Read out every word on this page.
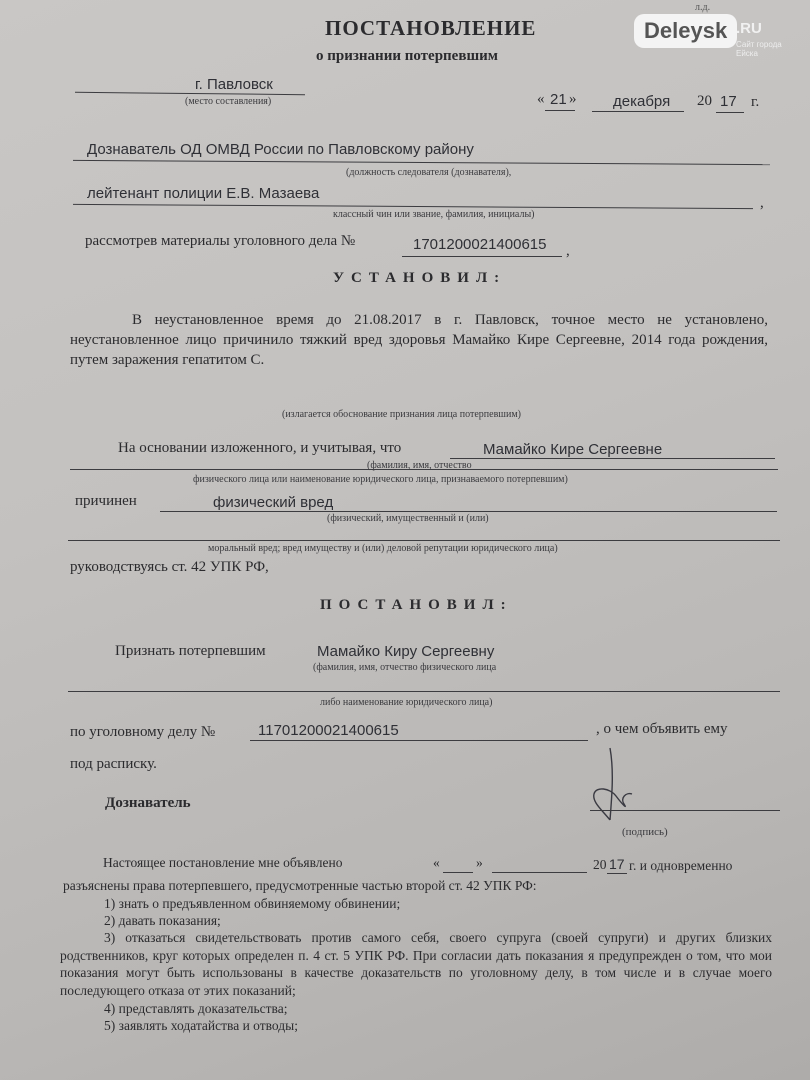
л.д.
Deleysk .RU
Сайт города Ейска
ПОСТАНОВЛЕНИЕ
о признании потерпевшим
г. Павловск
(место составления)	« 21 » декабря 20 17 г.
Дознаватель ОД ОМВД России по Павловскому району
(должность следователя (дознавателя),
лейтенант полиции Е.В. Мазаева
,
классный чин или звание, фамилия, инициалы)
рассмотрев материалы уголовного дела №	1701200021400615 ,
УСТАНОВИЛ:
В неустановленное время до 21.08.2017 в г. Павловск, точное место не установлено, неустановленное лицо причинило тяжкий вред здоровья Мамайко Кире Сергеевне, 2014 года рождения, путем заражения гепатитом С.
(излагается обоснование признания лица потерпевшим)
На основании изложенного, и учитывая, что	Мамайко Кире Сергеевне
(фамилия, имя, отчество
физического лица или наименование юридического лица, признаваемого потерпевшим)
причинен	физический вред
(физический, имущественный и (или)
моральный вред; вред имуществу и (или) деловой репутации юридического лица)
руководствуясь ст. 42 УПК РФ,
ПОСТАНОВИЛ:
Признать потерпевшим	Мамайко Киру Сергеевну
(фамилия, имя, отчество физического лица
либо наименование юридического лица)
по уголовному делу №	11701200021400615	, о чем объявить ему
под расписку.
Дознаватель
(подпись)
Настоящее постановление мне объявлено	«	»	20 17 г. и одновременно
разъяснены права потерпевшего, предусмотренные частью второй ст. 42 УПК РФ:
1) знать о предъявленном обвиняемому обвинении;
2) давать показания;
3) отказаться свидетельствовать против самого себя, своего супруга (своей супруги) и других близких родственников, круг которых определен п. 4 ст. 5 УПК РФ. При согласии дать показания я предупрежден о том, что мои показания могут быть использованы в качестве доказательств по уголовному делу, в том числе и в случае моего последующего отказа от этих показаний;
4) представлять доказательства;
5) заявлять ходатайства и отводы;
